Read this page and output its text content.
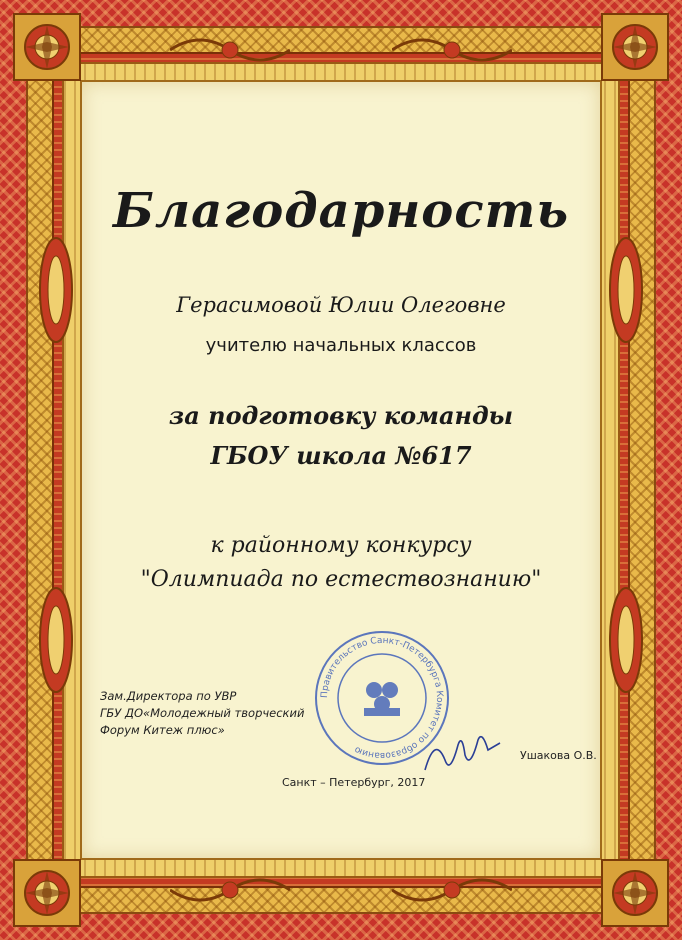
Благодарность
Герасимовой Юлии Олеговне
учителю начальных классов
за подготовку команды
ГБОУ школа №617
к районному конкурсу
"Олимпиада по естествознанию"
Правительство Санкт-Петербурга Комитет по образованию
Зам.Директора по УВР
ГБУ ДО«Молодежный творческий
Форум Китеж плюс»
Ушакова О.В.
Санкт – Петербург, 2017
